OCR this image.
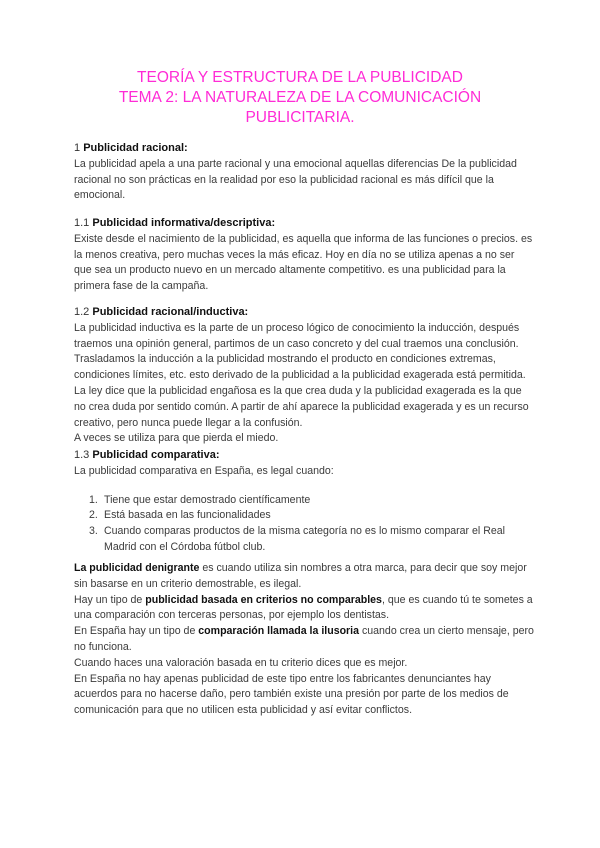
TEORÍA Y ESTRUCTURA DE LA PUBLICIDAD
TEMA 2: LA NATURALEZA DE LA COMUNICACIÓN
PUBLICITARIA.

1 Publicidad racional:

La publicidad apela a una parte racional y una emocional aquellas diferencias De la publicidad racional no son prácticas en la realidad por eso la publicidad racional es más difícil que la emocional.

1.1 Publicidad informativa/descriptiva:

Existe desde el nacimiento de la publicidad, es aquella que informa de las funciones o precios. es la menos creativa, pero muchas veces la más eficaz. Hoy en día no se utiliza apenas a no ser que sea un producto nuevo en un mercado altamente competitivo. es una publicidad para la primera fase de la campaña.

1.2 Publicidad racional/inductiva:

La publicidad inductiva es la parte de un proceso lógico de conocimiento la inducción, después traemos una opinión general, partimos de un caso concreto y del cual traemos una conclusión. Trasladamos la inducción a la publicidad mostrando el producto en condiciones extremas, condiciones límites, etc. esto derivado de la publicidad a la publicidad exagerada está permitida. La ley dice que la publicidad engañosa es la que crea duda y la publicidad exagerada es la que no crea duda por sentido común. A partir de ahí aparece la publicidad exagerada y es un recurso creativo, pero nunca puede llegar a la confusión.

A veces se utiliza para que pierda el miedo.

1.3 Publicidad comparativa:

La publicidad comparativa en España, es legal cuando:

1. Tiene que estar demostrado científicamente
2. Está basada en las funcionalidades
3. Cuando comparas productos de la misma categoría no es lo mismo comparar el Real Madrid con el Córdoba fútbol club.

La publicidad denigrante es cuando utiliza sin nombres a otra marca, para decir que soy mejor sin basarse en un criterio demostrable, es ilegal.

Hay un tipo de publicidad basada en criterios no comparables, que es cuando tú te sometes a una comparación con terceras personas, por ejemplo los dentistas.

En España hay un tipo de comparación llamada la ilusoria cuando crea un cierto mensaje, pero no funciona.

Cuando haces una valoración basada en tu criterio dices que es mejor.

En España no hay apenas publicidad de este tipo entre los fabricantes denunciantes hay acuerdos para no hacerse daño, pero también existe una presión por parte de los medios de comunicación para que no utilicen esta publicidad y así evitar conflictos.
